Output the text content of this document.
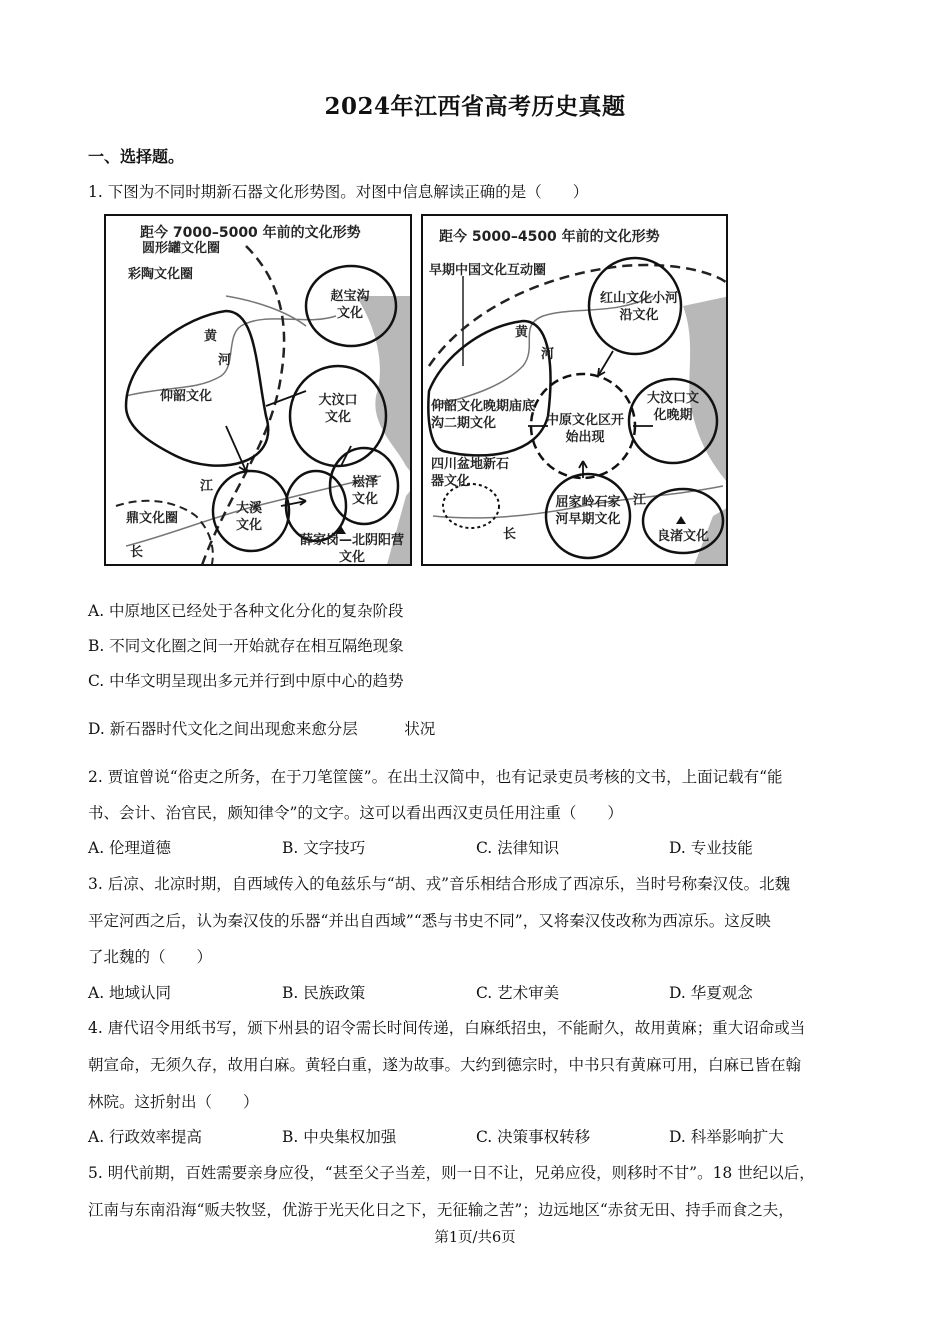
2024年江西省高考历史真题
一、选择题。
1. 下图为不同时期新石器文化形势图。对图中信息解读正确的是（　　）
距今 7000–5000 年前的文化形势
圆形罐文化圈
彩陶文化圈
赵宝沟文化
黄
河
仰韶文化	大汶口文化
江
大溪文化
崧泽文化
鼎文化圈
长
薛家岗—北阴阳营文化
距今 5000–4500 年前的文化形势
早期中国文化互动圈
红山文化小河沿文化
黄
河
仰韶文化晚期庙底沟二期文化	中原文化区开始出现
大汶口文化晚期
四川盆地新石器文化
屈家岭石家河早期文化
江
长	良渚文化
A. 中原地区已经处于各种文化分化的复杂阶段
B. 不同文化圈之间一开始就存在相互隔绝现象
C. 中华文明呈现出多元并行到中原中心的趋势
D. 新石器时代文化之间出现愈来愈分层　　　状况
2. 贾谊曾说“俗吏之所务，在于刀笔筐箧”。在出土汉简中，也有记录吏员考核的文书，上面记载有“能
书、会计、治官民，颇知律令”的文字。这可以看出西汉吏员任用注重（　　）
A. 伦理道德	B. 文字技巧	C. 法律知识	D. 专业技能
3. 后凉、北凉时期，自西域传入的龟兹乐与“胡、戎”音乐相结合形成了西凉乐，当时号称秦汉伎。北魏
平定河西之后，认为秦汉伎的乐器“并出自西域”“悉与书史不同”，又将秦汉伎改称为西凉乐。这反映
了北魏的（　　）
A. 地域认同	B. 民族政策	C. 艺术审美	D. 华夏观念
4. 唐代诏令用纸书写，颁下州县的诏令需长时间传递，白麻纸招虫，不能耐久，故用黄麻；重大诏命或当
朝宣命，无须久存，故用白麻。黄轻白重，遂为故事。大约到德宗时，中书只有黄麻可用，白麻已皆在翰
林院。这折射出（　　）
A. 行政效率提高	B. 中央集权加强	C. 决策事权转移	D. 科举影响扩大
5. 明代前期，百姓需要亲身应役，“甚至父子当差，则一日不让，兄弟应役，则移时不甘”。18 世纪以后，
江南与东南沿海“贩夫牧竖，优游于光天化日之下，无征输之苦”；边远地区“赤贫无田、持手而食之夫，
第1页/共6页
